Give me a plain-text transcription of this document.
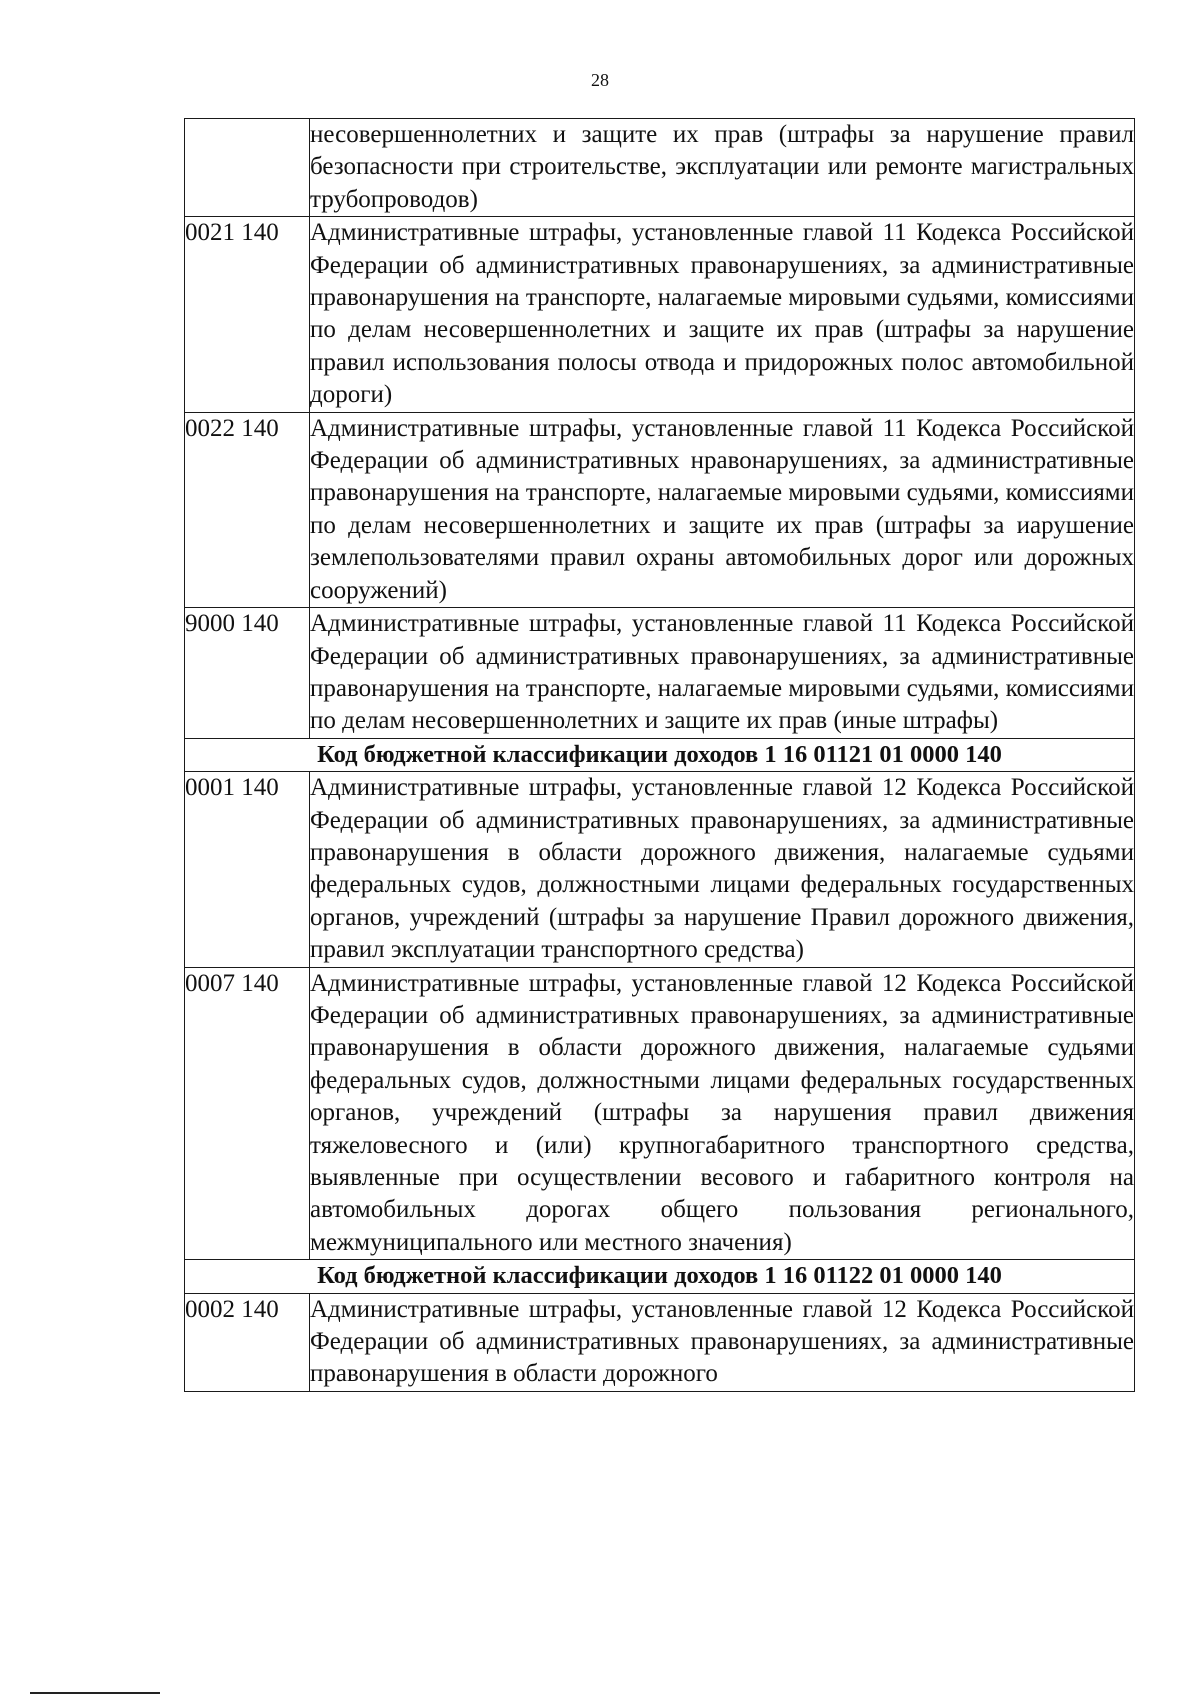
28
	несовершеннолетних и защите их прав (штрафы за нарушение правил безопасности при строительстве, эксплуатации или ремонте магистральных трубопроводов)
0021 140	Административные штрафы, установленные главой 11 Кодекса Российской Федерации об административных правонарушениях, за административные правонарушения на транспорте, налагаемые мировыми судьями, комиссиями по делам несовершеннолетних и защите их прав (штрафы за нарушение правил использования полосы отвода и придорожных полос автомобильной дороги)
0022 140	Административные штрафы, установленные главой 11 Кодекса Российской Федерации об административных нравонарушениях, за административные правонарушения на транспорте, налагаемые мировыми судьями, комиссиями по делам несовершеннолетних и защите их прав (штрафы за иарушение землепользователями правил охраны автомобильных дорог или дорожных сооружений)
9000 140	Административные штрафы, установленные главой 11 Кодекса Российской Федерации об административных правонарушениях, за административные правонарушения на транспорте, налагаемые мировыми судьями, комиссиями по делам несовершеннолетних и защите их прав (иные штрафы)
Код бюджетной классификации доходов 1 16 01121 01 0000 140	
0001 140	Административные штрафы, установленные главой 12 Кодекса Российской Федерации об административных правонарушениях, за административные правонарушения в области дорожного движения, налагаемые судьями федеральных судов, должностными лицами федеральных государственных органов, учреждений (штрафы за нарушение Правил дорожного движения, правил эксплуатации транспортного средства)
0007 140	Административные штрафы, установленные главой 12 Кодекса Российской Федерации об административных правонарушениях, за административные правонарушения в области дорожного движения, налагаемые судьями федеральных судов, должностными лицами федеральных государственных органов, учреждений (штрафы за нарушения правил движения тяжеловесного и (или) крупногабаритного транспортного средства, выявленные при осуществлении весового и габаритного контроля на автомобильных дорогах общего пользования регионального, межмуниципального или местного значения)
Код бюджетной классификации доходов 1 16 01122 01 0000 140	
0002 140	Административные штрафы, установленные главой 12 Кодекса Российской Федерации об административных правонарушениях, за административные правонарушения в области дорожного
